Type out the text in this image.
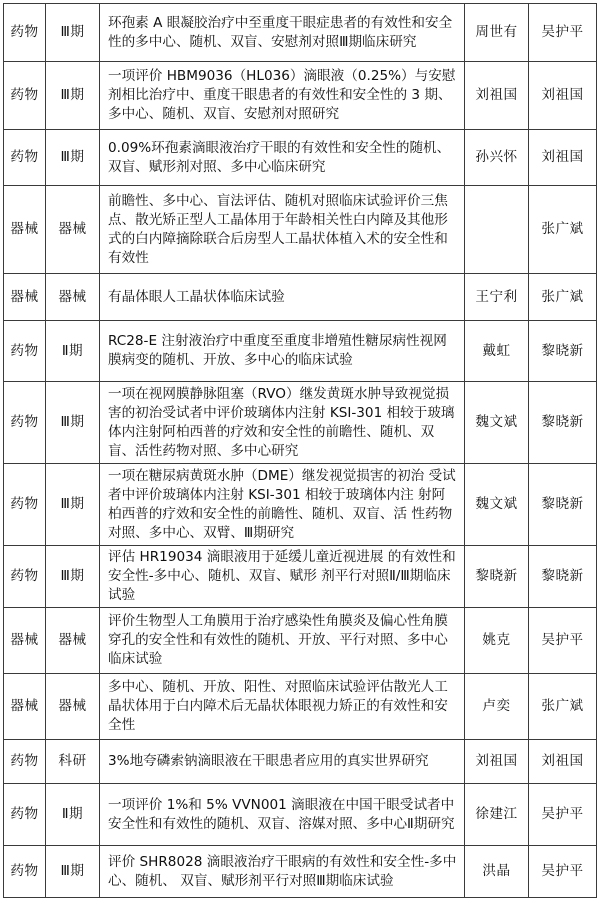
药物	Ⅲ期	环孢素 A 眼凝胶治疗中至重度干眼症患者的有效性和安全性的多中心、随机、双盲、安慰剂对照Ⅲ期临床研究	周世有	吴护平
药物	Ⅲ期	一项评价 HBM9036（HL036）滴眼液（0.25%）与安慰剂相比治疗中、重度干眼患者的有效性和安全性的 3 期、多中心、随机、双盲、安慰剂对照研究	刘祖国	刘祖国
药物	Ⅲ期	0.09%环孢素滴眼液治疗干眼的有效性和安全性的随机、双盲、赋形剂对照、多中心临床研究	孙兴怀	刘祖国
器械	器械	前瞻性、多中心、盲法评估、随机对照临床试验评价三焦点、散光矫正型人工晶体用于年龄相关性白内障及其他形式的白内障摘除联合后房型人工晶状体植入术的安全性和有效性		张广斌
器械	器械	有晶体眼人工晶状体临床试验	王宁利	张广斌
药物	Ⅱ期	RC28-E 注射液治疗中重度至重度非增殖性糖尿病性视网膜病变的随机、开放、多中心的临床试验	戴虹	黎晓新
药物	Ⅲ期	一项在视网膜静脉阻塞（RVO）继发黄斑水肿导致视觉损害的初治受试者中评价玻璃体内注射 KSI-301 相较于玻璃体内注射阿柏西普的疗效和安全性的前瞻性、随机、双盲、活性药物对照、多中心研究	魏文斌	黎晓新
药物	Ⅲ期	一项在糖尿病黄斑水肿（DME）继发视觉损害的初治 受试者中评价玻璃体内注射 KSI-301 相较于玻璃体内注 射阿柏西普的疗效和安全性的前瞻性、随机、双盲、活 性药物对照、多中心、双臂、Ⅲ期研究	魏文斌	黎晓新
药物	Ⅲ期	评估 HR19034 滴眼液用于延缓儿童近视进展 的有效性和安全性-多中心、随机、双盲、赋形 剂平行对照Ⅱ/Ⅲ期临床试验	黎晓新	黎晓新
器械	器械	评价生物型人工角膜用于治疗感染性角膜炎及偏心性角膜穿孔的安全性和有效性的随机、开放、平行对照、多中心临床试验	姚克	吴护平
器械	器械	多中心、随机、开放、阳性、对照临床试验评估散光人工晶状体用于白内障术后无晶状体眼视力矫正的有效性和安全性	卢奕	张广斌
药物	科研	3%地夸磷索钠滴眼液在干眼患者应用的真实世界研究	刘祖国	刘祖国
药物	Ⅱ期	一项评价 1%和 5% VVN001 滴眼液在中国干眼受试者中安全性和有效性的随机、双盲、溶媒对照、多中心Ⅱ期研究	徐建江	吴护平
药物	Ⅲ期	评价 SHR8028 滴眼液治疗干眼病的有效性和安全性-多中心、随机、 双盲、赋形剂平行对照Ⅲ期临床试验	洪晶	吴护平
